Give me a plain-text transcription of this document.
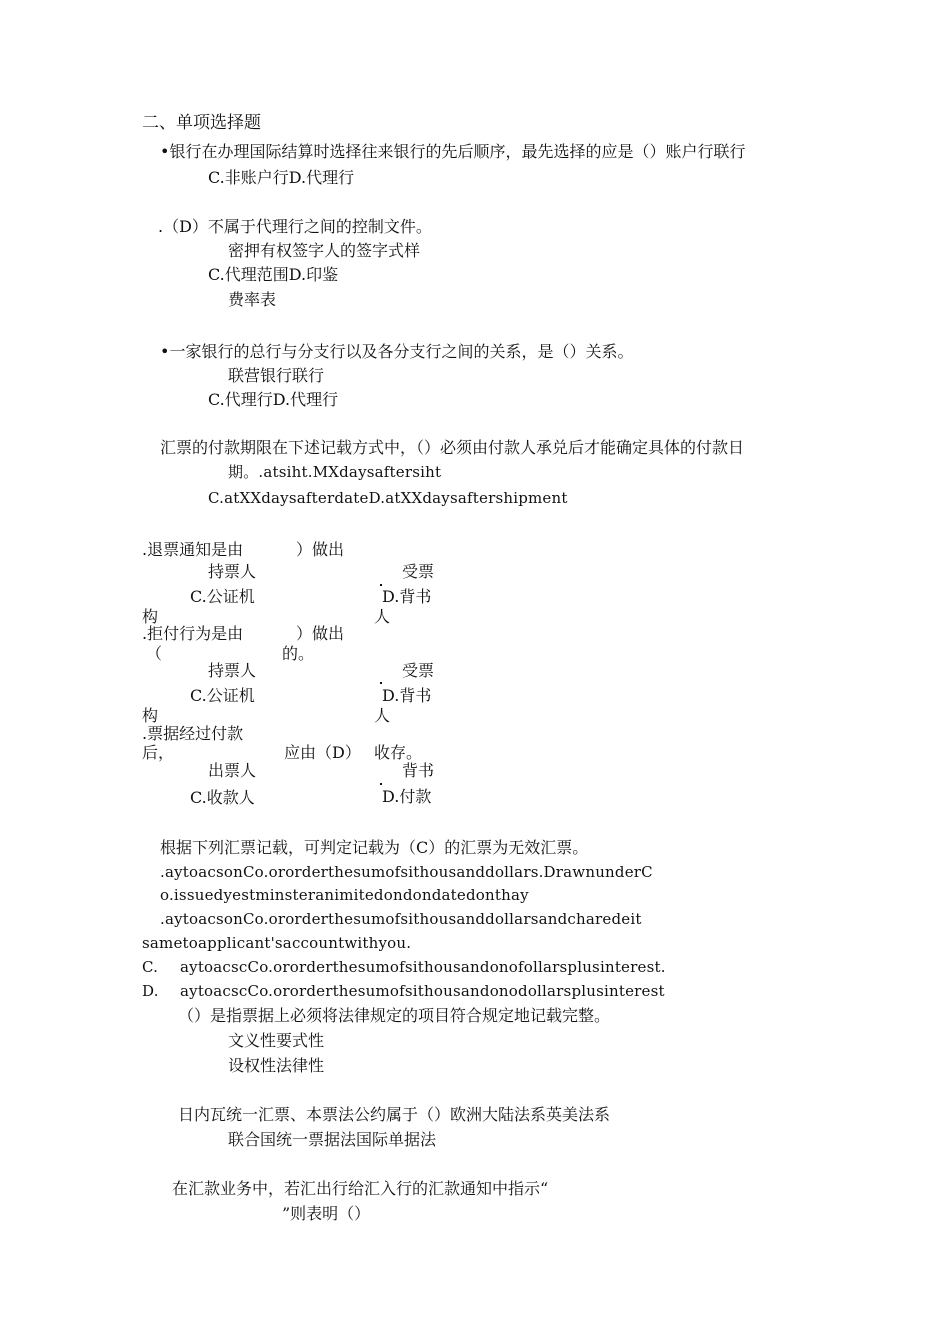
二、单项选择题
•银行在办理国际结算时选择往来银行的先后顺序，最先选择的应是（）账户行联行
C.非账户行D.代理行
.（D）不属于代理行之间的控制文件。
密押有权签字人的签字式样
C.代理范围D.印鉴
费率表
•一家银行的总行与分支行以及各分支行之间的关系，是（）关系。
联营银行联行
C.代理行D.代理行
汇票的付款期限在下述记载方式中，（）必须由付款人承兑后才能确定具体的付款日
期。.atsiht.MXdaysaftersiht
C.atXXdaysafterdateD.atXXdaysaftershipment
.退票通知是由	）做出
持票人	受票
C.公证机	D.背书
构	人
.拒付行为是由	）做出
（	的。
持票人	受票
C.公证机	D.背书
构	人
.票据经过付款
后，	应由（D） 收存。
出票人	背书
C.收款人	D.付款
根据下列汇票记载，可判定记载为（C）的汇票为无效汇票。
.aytoacsonCo.ororderthesumofsithousanddollars.DrawnunderC
o.issuedyestminsteranimitedondondatedonthay
.aytoacsonCo.ororderthesumofsithousanddollarsandcharedeit
sametoapplicant'saccountwithyou.
C. aytoacscCo.ororderthesumofsithousandonofollarsplusinterest.
D. aytoacscCo.ororderthesumofsithousandonodollarsplusinterest
（）是指票据上必须将法律规定的项目符合规定地记载完整。
文义性要式性
设权性法律性
日内瓦统一汇票、本票法公约属于（）欧洲大陆法系英美法系
联合国统一票据法国际单据法
在汇款业务中，若汇出行给汇入行的汇款通知中指示“
”则表明（）
